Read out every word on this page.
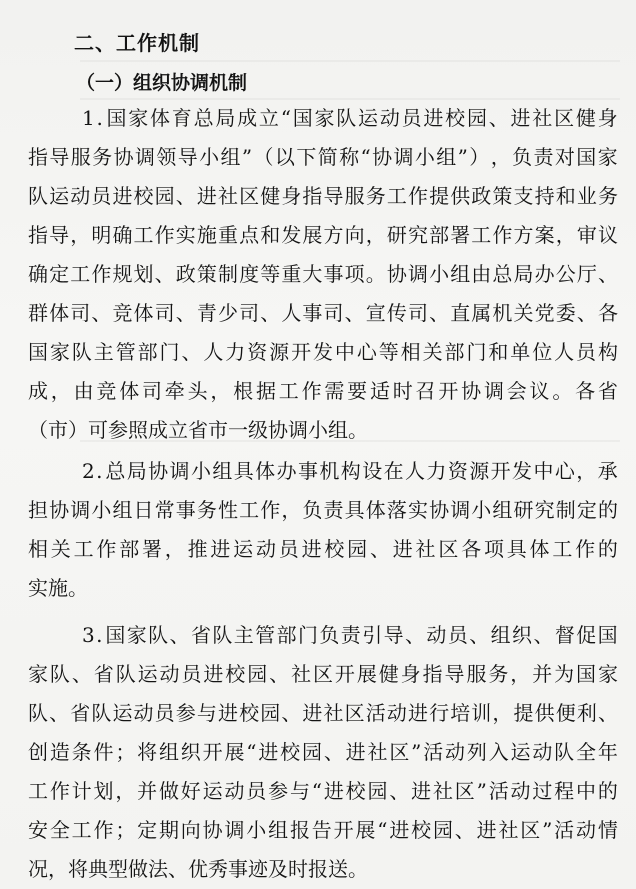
二、工作机制
（一）组织协调机制
1 . 国 家 体 育 总 局 成 立 “ 国 家 队 运 动 员 进 校 园 、 进 社 区 健 身
指 导 服 务 协 调 领 导 小 组 ” （ 以 下 简 称 “ 协 调 小 组 ” ） ， 负 责 对 国 家
队 运 动 员 进 校 园 、 进 社 区 健 身 指 导 服 务 工 作 提 供 政 策 支 持 和 业 务
指 导 ， 明 确 工 作 实 施 重 点 和 发 展 方 向 ， 研 究 部 署 工 作 方 案 ， 审 议
确 定 工 作 规 划 、 政 策 制 度 等 重 大 事 项 。 协 调 小 组 由 总 局 办 公 厅 、
群 体 司 、 竞 体 司 、 青 少 司 、 人 事 司 、 宣 传 司 、 直 属 机 关 党 委 、 各
国 家 队 主 管 部 门 、 人 力 资 源 开 发 中 心 等 相 关 部 门 和 单 位 人 员 构
成 ， 由 竞 体 司 牵 头 ， 根 据 工 作 需 要 适 时 召 开 协 调 会 议 。 各 省
（市）可参照成立省市一级协调小组。
2 . 总 局 协 调 小 组 具 体 办 事 机 构 设 在 人 力 资 源 开 发 中 心 ， 承
担 协 调 小 组 日 常 事 务 性 工 作 ， 负 责 具 体 落 实 协 调 小 组 研 究 制 定 的
相 关 工 作 部 署 ， 推 进 运 动 员 进 校 园 、 进 社 区 各 项 具 体 工 作 的
实施。
3 . 国 家 队 、 省 队 主 管 部 门 负 责 引 导 、 动 员 、 组 织 、 督 促 国
家 队 、 省 队 运 动 员 进 校 园 、 社 区 开 展 健 身 指 导 服 务 ， 并 为 国 家
队 、 省 队 运 动 员 参 与 进 校 园 、 进 社 区 活 动 进 行 培 训 ， 提 供 便 利 、
创 造 条 件 ； 将 组 织 开 展 “ 进 校 园 、 进 社 区 ” 活 动 列 入 运 动 队 全 年
工 作 计 划 ， 并 做 好 运 动 员 参 与 “ 进 校 园 、 进 社 区 ” 活 动 过 程 中 的
安 全 工 作 ； 定 期 向 协 调 小 组 报 告 开 展 “ 进 校 园 、 进 社 区 ” 活 动 情
况，将典型做法、优秀事迹及时报送。
